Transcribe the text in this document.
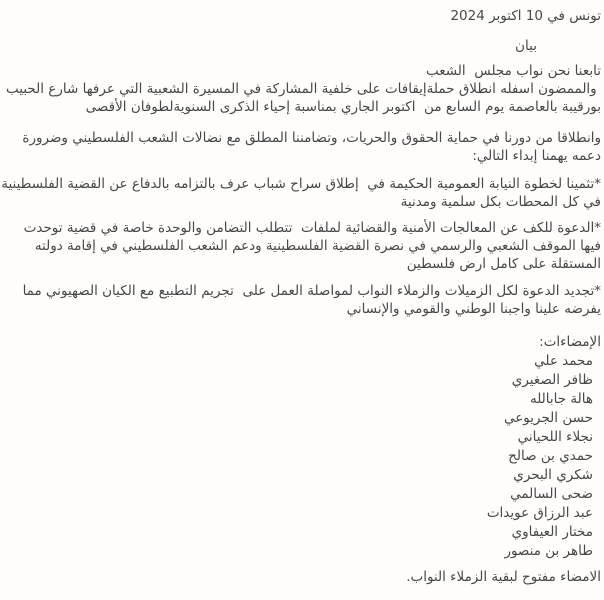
تونس في 10 اكتوبر 2024
بيان
تابعنا نحن نواب مجلس  الشعب
والممضون اسفله انطلاق حملةإيقافات على خلفية المشاركة في المسيرة الشعبية التي عرفها شارع الحبيب
بورقيبة بالعاصمة يوم السابع من  اكتوبر الجاري بمناسبة إحياء الذكرى السنويةلطوفان الأقصى
وانطلاقا من دورنا في حماية الحقوق والحريات، وتضامننا المطلق مع نضالات الشعب الفلسطيني وضرورة
دعمه يهمنا إبداء التالي:
*تثمينا لخطوة النيابة العمومية الحكيمة في  إطلاق سراح شباب عرف بالتزامه بالدفاع عن القضية الفلسطينية
في كل المحطات بكل سلمية ومدنية
*الدعوة للكف عن المعالجات الأمنية والقضائية لملفات  تتطلب التضامن والوحدة خاصة في قضية توحدت
فيها الموقف الشعبي والرسمي في نصرة القضية الفلسطينية ودعم الشعب الفلسطيني في إقامة دولته
المستقلة على كامل ارض فلسطين
*تجديد الدعوة لكل الزميلات والزملاء النواب لمواصلة العمل على  تجريم التطبيع مع الكيان الصهيوني مما
يفرضه علينا واجبنا الوطني والقومي والإنساني
الإمضاءات:
محمد علي
ظافر الصغيري
هالة جابالله
حسن الجريوعي
نجلاء اللحياني
حمدي بن صالح
شكري البحري
ضحى السالمي
عبد الرزاق عويدات
مختار العيفاوي
طاهر بن منصور
الامضاء مفتوح لبقية الزملاء النواب.
